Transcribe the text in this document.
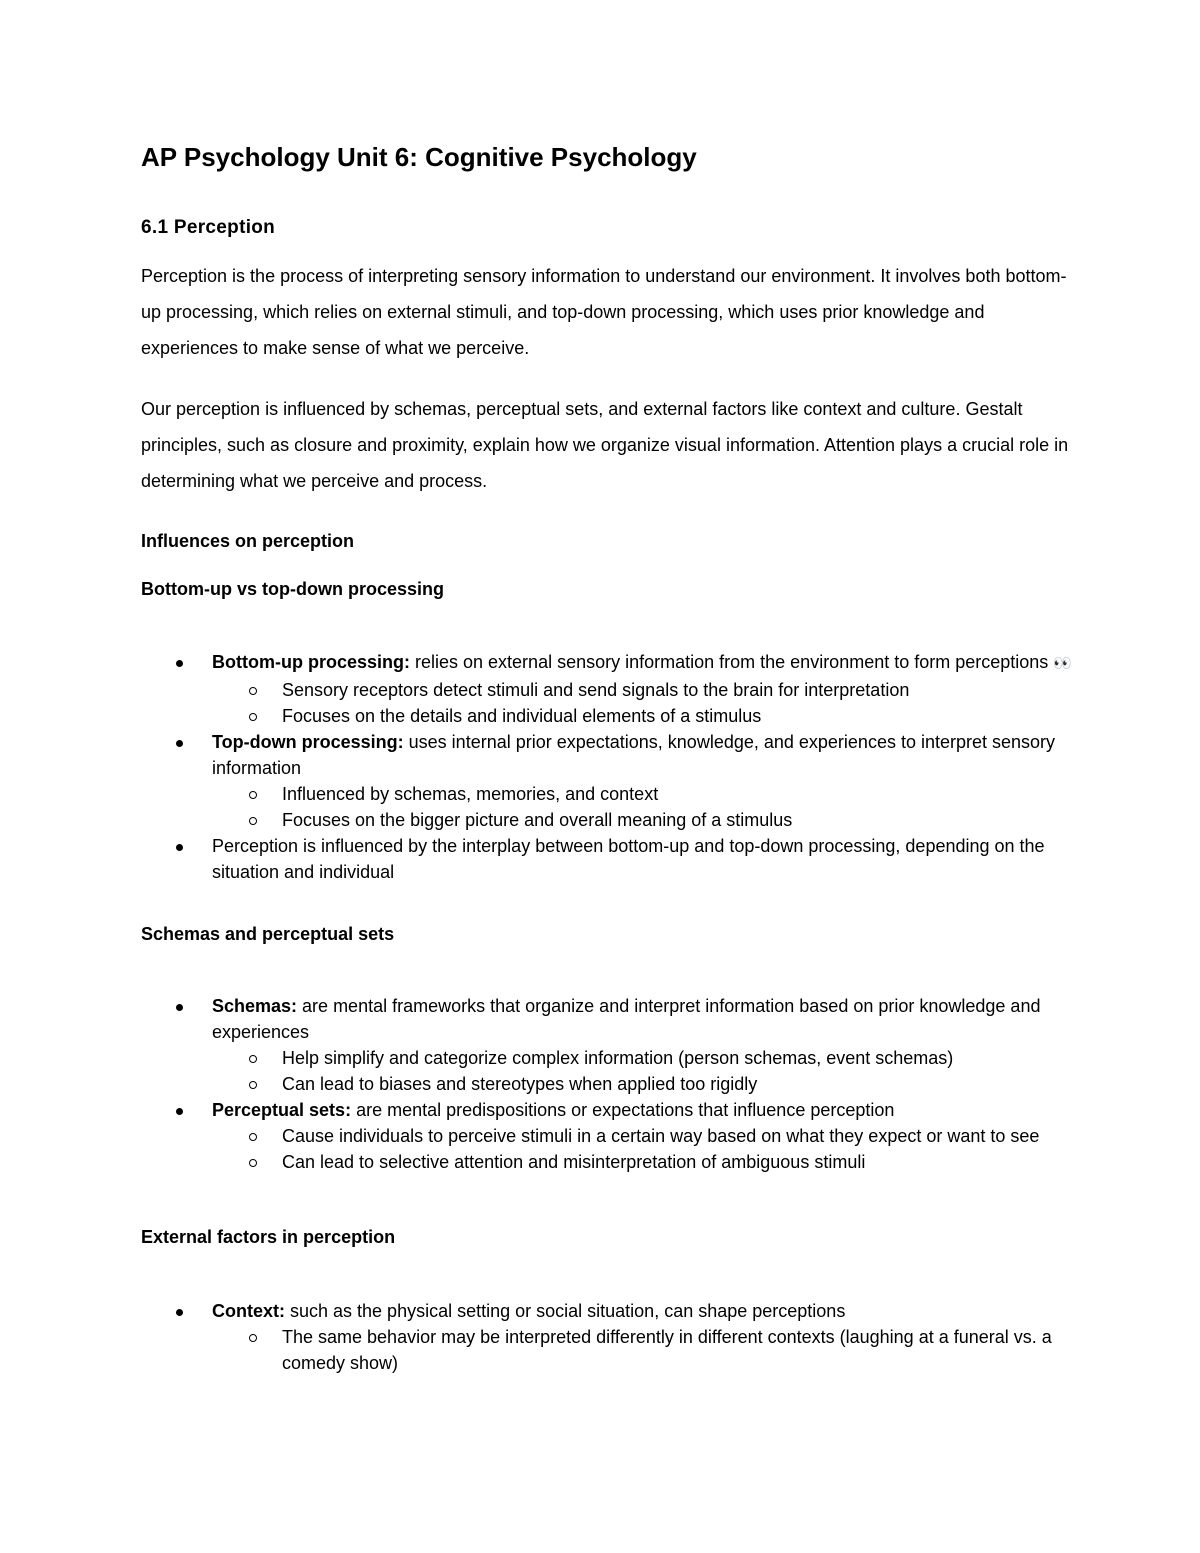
AP Psychology Unit 6: Cognitive Psychology
6.1 Perception

Perception is the process of interpreting sensory information to understand our environment. It involves both bottom-up processing, which relies on external stimuli, and top-down processing, which uses prior knowledge and experiences to make sense of what we perceive.

Our perception is influenced by schemas, perceptual sets, and external factors like context and culture. Gestalt principles, such as closure and proximity, explain how we organize visual information. Attention plays a crucial role in determining what we perceive and process.

Influences on perception
Bottom-up vs top-down processing
Bottom-up processing: relies on external sensory information from the environment to form perceptions 👀
Sensory receptors detect stimuli and send signals to the brain for interpretation
Focuses on the details and individual elements of a stimulus
Top-down processing: uses internal prior expectations, knowledge, and experiences to interpret sensory information
Influenced by schemas, memories, and context
Focuses on the bigger picture and overall meaning of a stimulus
Perception is influenced by the interplay between bottom-up and top-down processing, depending on the situation and individual
Schemas and perceptual sets
Schemas: are mental frameworks that organize and interpret information based on prior knowledge and experiences
Help simplify and categorize complex information (person schemas, event schemas)
Can lead to biases and stereotypes when applied too rigidly
Perceptual sets: are mental predispositions or expectations that influence perception
Cause individuals to perceive stimuli in a certain way based on what they expect or want to see
Can lead to selective attention and misinterpretation of ambiguous stimuli
External factors in perception
Context: such as the physical setting or social situation, can shape perceptions
The same behavior may be interpreted differently in different contexts (laughing at a funeral vs. a comedy show)
